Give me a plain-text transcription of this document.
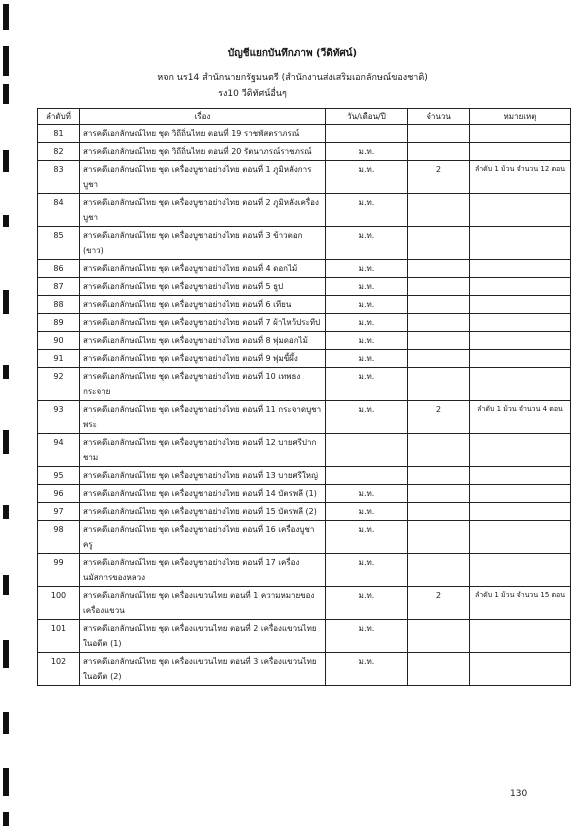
บัญชีแยกบันทึกภาพ (วีดิทัศน์)
หจก นร14 สำนักนายกรัฐมนตรี (สำนักงานส่งเสริมเอกลักษณ์ของชาติ)
รง10 วีดิทัศน์อื่นๆ
ลำดับที่	เรื่อง	วัน/เดือน/ปี	จำนวน	หมายเหตุ
81	สารคดีเอกลักษณ์ไทย ชุด วิถีถิ่นไทย ตอนที่ 19 ราชพัสตราภรณ์			
82	สารคดีเอกลักษณ์ไทย ชุด วิถีถิ่นไทย ตอนที่ 20 รัตนาภรณ์ราชภรณ์	ม.ท.		
83	สารคดีเอกลักษณ์ไทย ชุด เครื่องบูชาอย่างไทย ตอนที่ 1 ภูมิหลังการบูชา	ม.ท.	2	ลำดับ 1 ม้วน จำนวน 12 ตอน
84	สารคดีเอกลักษณ์ไทย ชุด เครื่องบูชาอย่างไทย ตอนที่ 2 ภูมิหลังเครื่องบูชา	ม.ท.		
85	สารคดีเอกลักษณ์ไทย ชุด เครื่องบูชาอย่างไทย ตอนที่ 3 ข้าวตอก (ขาว)	ม.ท.		
86	สารคดีเอกลักษณ์ไทย ชุด เครื่องบูชาอย่างไทย ตอนที่ 4 ดอกไม้	ม.ท.		
87	สารคดีเอกลักษณ์ไทย ชุด เครื่องบูชาอย่างไทย ตอนที่ 5 ธูป	ม.ท.		
88	สารคดีเอกลักษณ์ไทย ชุด เครื่องบูชาอย่างไทย ตอนที่ 6 เทียน	ม.ท.		
89	สารคดีเอกลักษณ์ไทย ชุด เครื่องบูชาอย่างไทย ตอนที่ 7 ผ้าไหว้ประทีป	ม.ท.		
90	สารคดีเอกลักษณ์ไทย ชุด เครื่องบูชาอย่างไทย ตอนที่ 8 พุ่มดอกไม้	ม.ท.		
91	สารคดีเอกลักษณ์ไทย ชุด เครื่องบูชาอย่างไทย ตอนที่ 9 พุ่มขี้ผึ้ง	ม.ท.		
92	สารคดีเอกลักษณ์ไทย ชุด เครื่องบูชาอย่างไทย ตอนที่ 10 เทพธงกระจาย	ม.ท.		
93	สารคดีเอกลักษณ์ไทย ชุด เครื่องบูชาอย่างไทย ตอนที่ 11 กระจาดบูชาพระ	ม.ท.	2	ลำดับ 1 ม้วน จำนวน 4 ตอน
94	สารคดีเอกลักษณ์ไทย ชุด เครื่องบูชาอย่างไทย ตอนที่ 12 บายศรีปากชาม			
95	สารคดีเอกลักษณ์ไทย ชุด เครื่องบูชาอย่างไทย ตอนที่ 13 บายศรีใหญ่			
96	สารคดีเอกลักษณ์ไทย ชุด เครื่องบูชาอย่างไทย ตอนที่ 14 บัตรพลี (1)	ม.ท.		
97	สารคดีเอกลักษณ์ไทย ชุด เครื่องบูชาอย่างไทย ตอนที่ 15 บัตรพลี (2)	ม.ท.		
98	สารคดีเอกลักษณ์ไทย ชุด เครื่องบูชาอย่างไทย ตอนที่ 16 เครื่องบูชาครู	ม.ท.		
99	สารคดีเอกลักษณ์ไทย ชุด เครื่องบูชาอย่างไทย ตอนที่ 17 เครื่องนมัสการของหลวง	ม.ท.		
100	สารคดีเอกลักษณ์ไทย ชุด เครื่องแขวนไทย ตอนที่ 1 ความหมายของเครื่องแขวน	ม.ท.	2	ลำดับ 1 ม้วน จำนวน 15 ตอน
101	สารคดีเอกลักษณ์ไทย ชุด เครื่องแขวนไทย ตอนที่ 2 เครื่องแขวนไทยในอดีต (1)	ม.ท.		
102	สารคดีเอกลักษณ์ไทย ชุด เครื่องแขวนไทย ตอนที่ 3 เครื่องแขวนไทยในอดีต (2)	ม.ท.		
130
